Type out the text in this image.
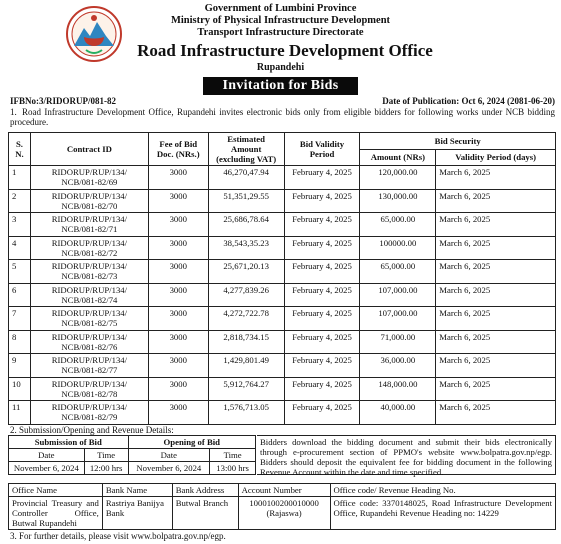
Government of Lumbini Province
Ministry of Physical Infrastructure Development
Transport Infrastructure Directorate
Road Infrastructure Development Office
Rupandehi
Invitation for Bids
IFBNo:3/RIDORUP/081-82	Date of Publication: Oct 6, 2024 (2081-06-20)
1. Road Infrastructure Development Office, Rupandehi invites electronic bids only from eligible bidders for following works under NCB bidding procedure.
S. N.	Contract ID	Fee of Bid Doc. (NRs.)	Estimated Amount (excluding VAT)	Bid Validity Period	Bid Security	
					Amount (NRs)	Validity Period (days)
1	RIDORUP/RUP/134/
NCB/081-82/69	3000	46,270,47.94	February 4, 2025	120,000.00	March 6, 2025
2	RIDORUP/RUP/134/
NCB/081-82/70	3000	51,351,29.55	February 4, 2025	130,000.00	March 6, 2025
3	RIDORUP/RUP/134/
NCB/081-82/71	3000	25,686,78.64	February 4, 2025	65,000.00	March 6, 2025
4	RIDORUP/RUP/134/
NCB/081-82/72	3000	38,543,35.23	February 4, 2025	100000.00	March 6, 2025
5	RIDORUP/RUP/134/
NCB/081-82/73	3000	25,671,20.13	February 4, 2025	65,000.00	March 6, 2025
6	RIDORUP/RUP/134/
NCB/081-82/74	3000	4,277,839.26	February 4, 2025	107,000.00	March 6, 2025
7	RIDORUP/RUP/134/
NCB/081-82/75	3000	4,272,722.78	February 4, 2025	107,000.00	March 6, 2025
8	RIDORUP/RUP/134/
NCB/081-82/76	3000	2,818,734.15	February 4, 2025	71,000.00	March 6, 2025
9	RIDORUP/RUP/134/
NCB/081-82/77	3000	1,429,801.49	February 4, 2025	36,000.00	March 6, 2025
10	RIDORUP/RUP/134/
NCB/081-82/78	3000	5,912,764.27	February 4, 2025	148,000.00	March 6, 2025
11	RIDORUP/RUP/134/
NCB/081-82/79	3000	1,576,713.05	February 4, 2025	40,000.00	March 6, 2025
2. Submission/Opening and Revenue Details:
Submission of Bid		Opening of Bid	
Date	Time	Date	Time
November 6, 2024	12:00 hrs	November 6, 2024	13:00 hrs
Bidders download the bidding document and submit their bids electronically through e-procurement section of PPMO's website www.bolpatra.gov.np/egp. Bidders should deposit the equivalent fee for bidding document in the following Revenue Account within the date and time specified.
Office Name	Bank Name	Bank Address	Account Number	Office code/ Revenue Heading No.
Provincial Treasury and Controller Office, Butwal Rupandehi	Rastriya Banijya Bank	Butwal Branch	1000100200010000
(Rajaswa)	Office code: 3370148025, Road Infrastructure Development Office, Rupandehi Revenue Heading no: 14229
3. For further details, please visit www.bolpatra.gov.np/egp.
